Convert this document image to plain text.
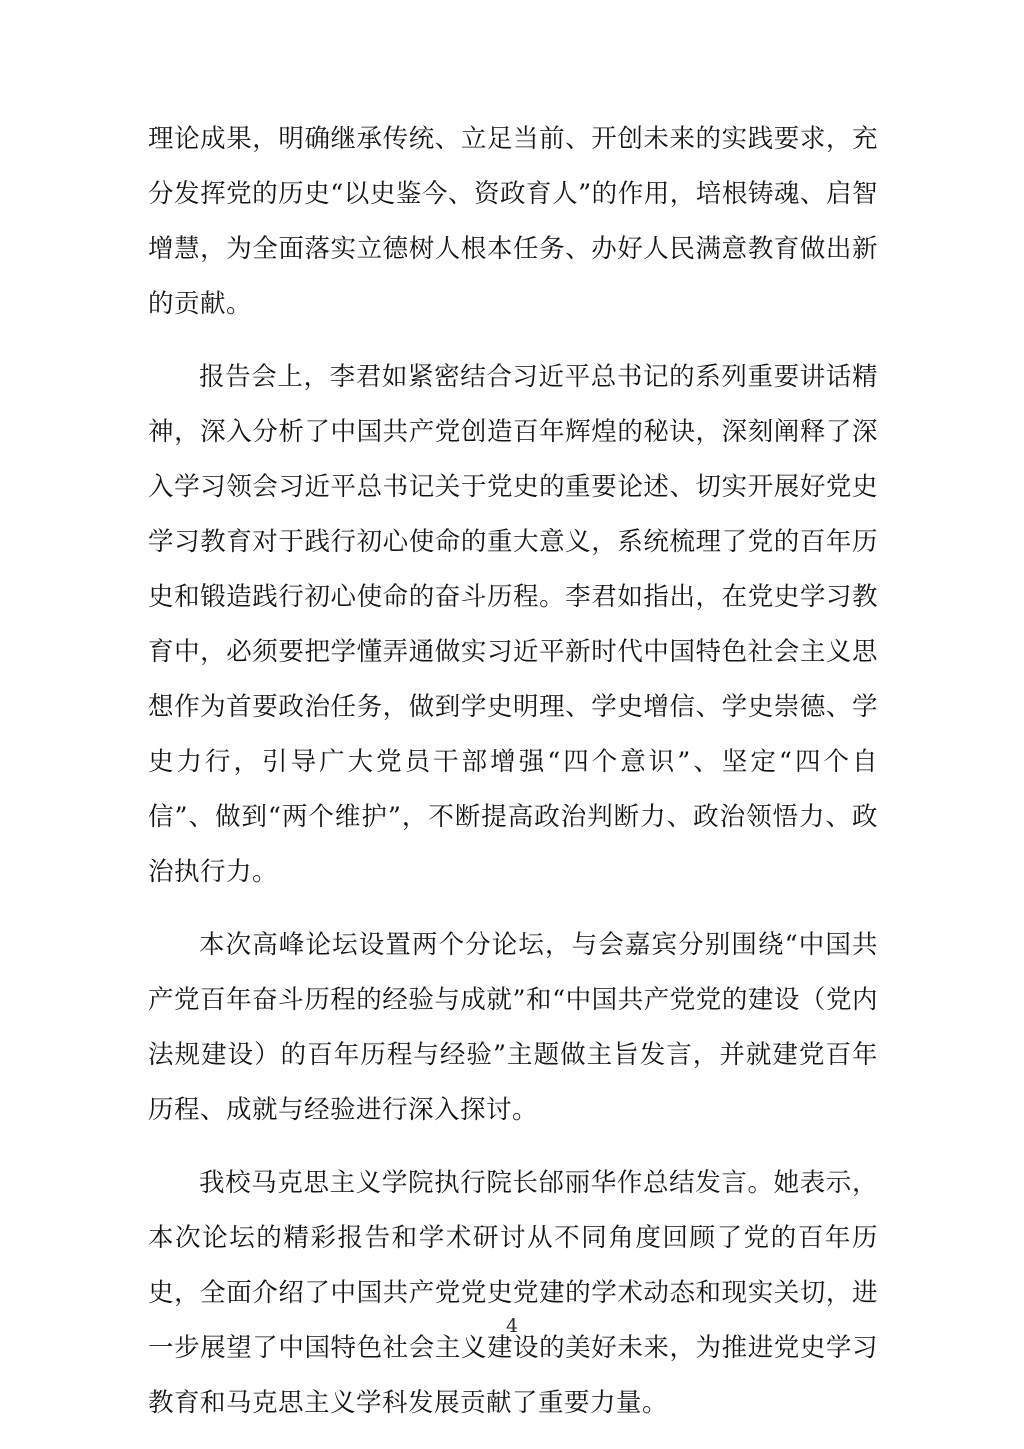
理论成果，明确继承传统、立足当前、开创未来的实践要求，充分发挥党的历史“以史鉴今、资政育人”的作用，培根铸魂、启智增慧，为全面落实立德树人根本任务、办好人民满意教育做出新的贡献。

报告会上，李君如紧密结合习近平总书记的系列重要讲话精神，深入分析了中国共产党创造百年辉煌的秘诀，深刻阐释了深入学习领会习近平总书记关于党史的重要论述、切实开展好党史学习教育对于践行初心使命的重大意义，系统梳理了党的百年历史和锻造践行初心使命的奋斗历程。李君如指出，在党史学习教育中，必须要把学懂弄通做实习近平新时代中国特色社会主义思想作为首要政治任务，做到学史明理、学史增信、学史崇德、学史力行，引导广大党员干部增强“四个意识”、坚定“四个自信”、做到“两个维护”，不断提高政治判断力、政治领悟力、政治执行力。

本次高峰论坛设置两个分论坛，与会嘉宾分别围绕“中国共产党百年奋斗历程的经验与成就”和“中国共产党党的建设（党内法规建设）的百年历程与经验”主题做主旨发言，并就建党百年历程、成就与经验进行深入探讨。

我校马克思主义学院执行院长邰丽华作总结发言。她表示，本次论坛的精彩报告和学术研讨从不同角度回顾了党的百年历史，全面介绍了中国共产党党史党建的学术动态和现实关切，进一步展望了中国特色社会主义建设的美好未来，为推进党史学习教育和马克思主义学科发展贡献了重要力量。

4
